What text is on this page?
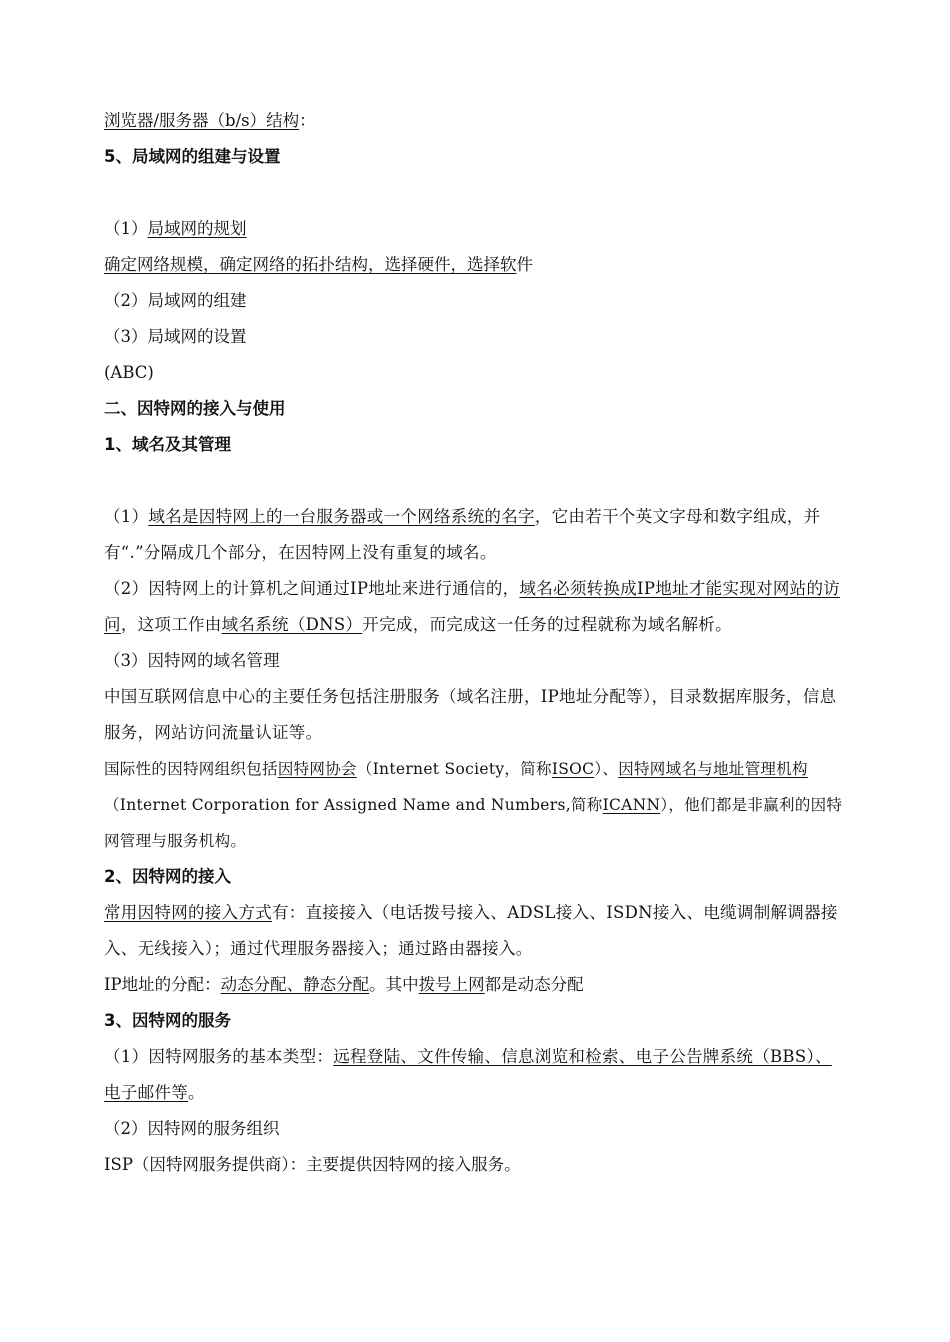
浏览器/服务器（b/s）结构：

5、局域网的组建与设置

（1）局域网的规划

确定网络规模，确定网络的拓扑结构，选择硬件，选择软件

（2）局域网的组建

（3）局域网的设置

(ABC)

二、因特网的接入与使用

1、域名及其管理

（1）域名是因特网上的一台服务器或一个网络系统的名字，它由若干个英文字母和数字组成，并有“.”分隔成几个部分，在因特网上没有重复的域名。

（2）因特网上的计算机之间通过IP地址来进行通信的，域名必须转换成IP地址才能实现对网站的访问，这项工作由域名系统（DNS）开完成，而完成这一任务的过程就称为域名解析。

（3）因特网的域名管理

中国互联网信息中心的主要任务包括注册服务（域名注册，IP地址分配等），目录数据库服务，信息服务，网站访问流量认证等。

国际性的因特网组织包括因特网协会（Internet Society，简称ISOC）、因特网域名与地址管理机构（Internet Corporation for Assigned Name and Numbers,简称ICANN），他们都是非赢利的因特网管理与服务机构。

2、因特网的接入

常用因特网的接入方式有：直接接入（电话拨号接入、ADSL接入、ISDN接入、电缆调制解调器接入、无线接入）；通过代理服务器接入；通过路由器接入。

IP地址的分配：动态分配、静态分配。其中拨号上网都是动态分配

3、因特网的服务

（1）因特网服务的基本类型：远程登陆、文件传输、信息浏览和检索、电子公告牌系统（BBS）、电子邮件等。

（2）因特网的服务组织

ISP（因特网服务提供商）：主要提供因特网的接入服务。
